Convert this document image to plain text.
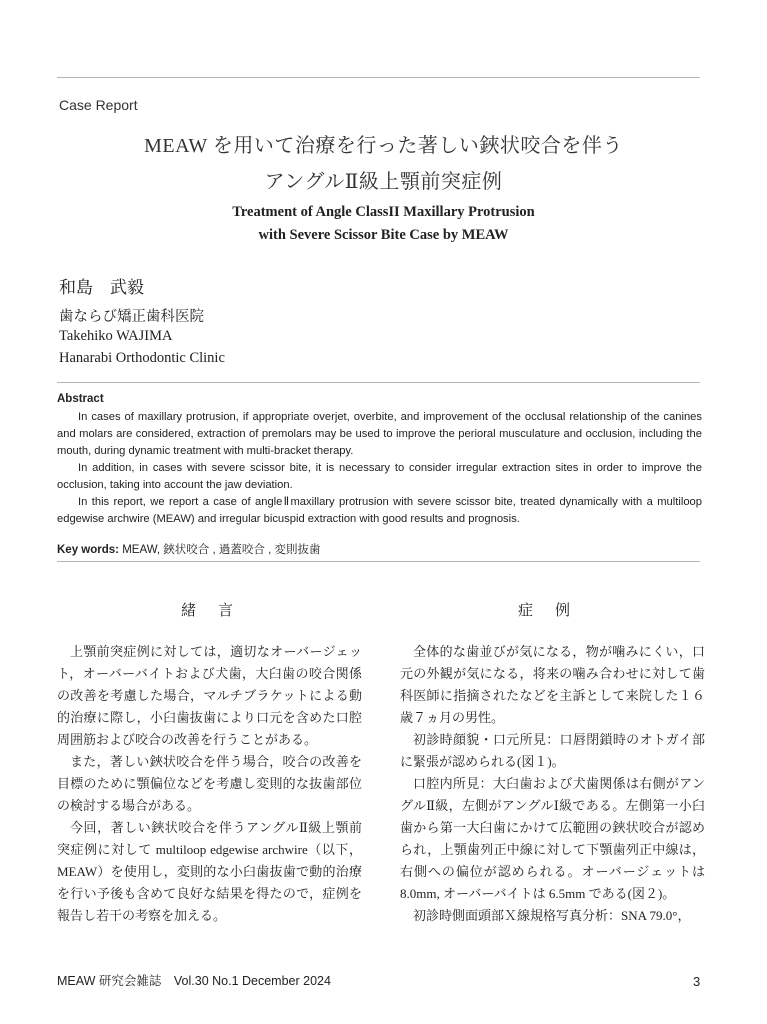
Case Report
MEAW を用いて治療を行った著しい鋏状咬合を伴う
アングルⅡ級上顎前突症例
Treatment of Angle ClassII Maxillary Protrusion
with Severe Scissor Bite Case by MEAW
和島　武毅
歯ならび矯正歯科医院
Takehiko WAJIMA
Hanarabi Orthodontic Clinic
Abstract

In cases of maxillary protrusion, if appropriate overjet, overbite, and improvement of the occlusal relationship of the canines and molars are considered, extraction of premolars may be used to improve the perioral musculature and occlusion, including the mouth, during dynamic treatment with multi-bracket therapy.

In addition, in cases with severe scissor bite, it is necessary to consider irregular extraction sites in order to improve the occlusion, taking into account the jaw deviation.

In this report, we report a case of angleⅡmaxillary protrusion with severe scissor bite, treated dynamically with a multiloop edgewise archwire (MEAW) and irregular bicuspid extraction with good results and prognosis.

Key words: MEAW, 鋏状咬合 , 過蓋咬合 , 変則抜歯
緒言

上顎前突症例に対しては，適切なオーバージェット，オーバーバイトおよび犬歯，大臼歯の咬合関係の改善を考慮した場合，マルチブラケットによる動的治療に際し，小臼歯抜歯により口元を含めた口腔周囲筋および咬合の改善を行うことがある。

また，著しい鋏状咬合を伴う場合，咬合の改善を目標のために顎偏位などを考慮し変則的な抜歯部位の検討する場合がある。

今回，著しい鋏状咬合を伴うアングルⅡ級上顎前突症例に対して multiloop edgewise archwire（以下，MEAW）を使用し，変則的な小臼歯抜歯で動的治療を行い予後も含めて良好な結果を得たので，症例を報告し若干の考察を加える。

症例

全体的な歯並びが気になる，物が噛みにくい，口元の外観が気になる，将来の噛み合わせに対して歯科医師に指摘されたなどを主訴として来院した１６歳７ヵ月の男性。

初診時顔貌・口元所見：口唇閉鎖時のオトガイ部に緊張が認められる(図１)。

口腔内所見：大臼歯および犬歯関係は右側がアングルⅡ級，左側がアングルⅠ級である。左側第一小臼歯から第一大臼歯にかけて広範囲の鋏状咬合が認められ，上顎歯列正中線に対して下顎歯列正中線は，右側への偏位が認められる。オーバージェットは 8.0mm, オーバーバイトは 6.5mm である(図２)。

初診時側面頭部Ｘ線規格写真分析：SNA 79.0°，

MEAW 研究会雑誌　Vol.30 No.1 December 2024	3
